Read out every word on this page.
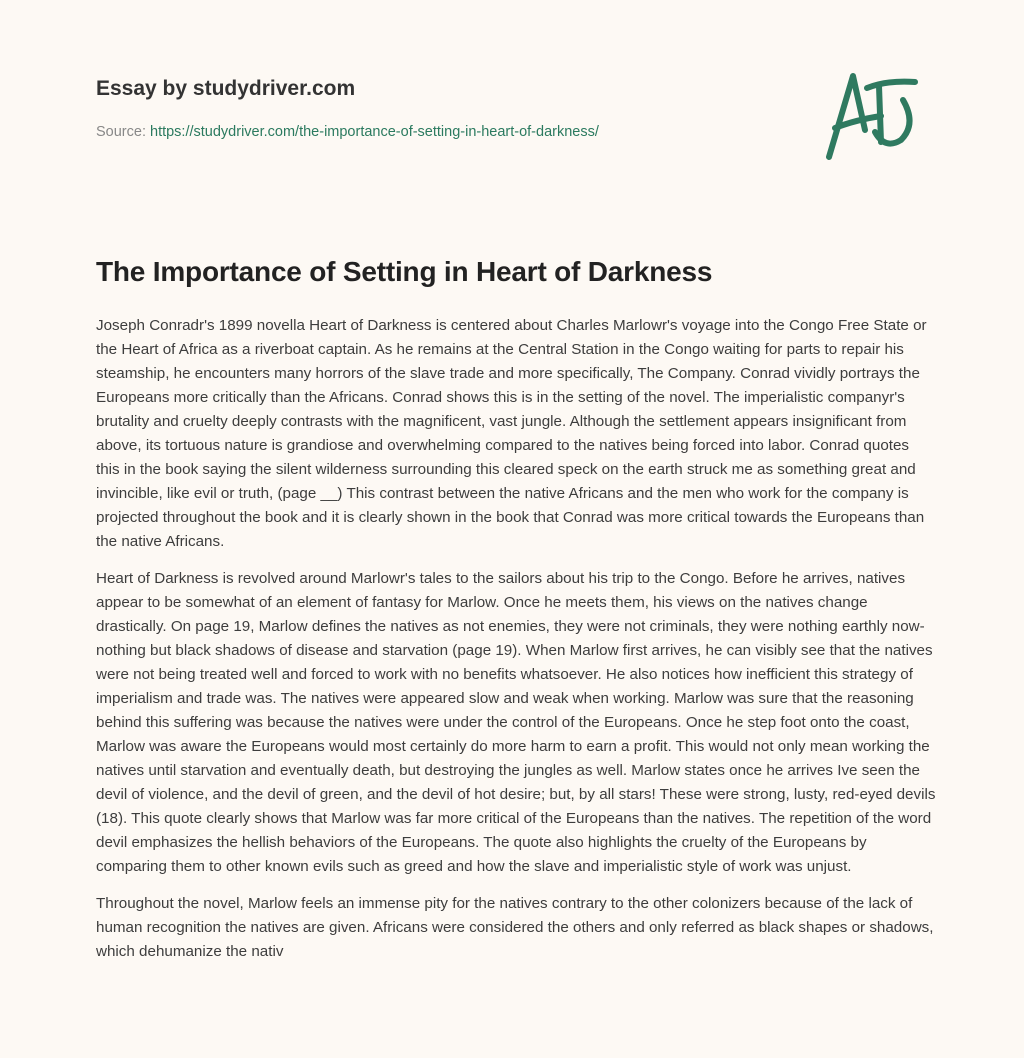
Essay by studydriver.com
Source: https://studydriver.com/the-importance-of-setting-in-heart-of-darkness/
The Importance of Setting in Heart of Darkness

Joseph Conradr's 1899 novella Heart of Darkness is centered about Charles Marlowr's voyage into the Congo Free State or the Heart of Africa as a riverboat captain. As he remains at the Central Station in the Congo waiting for parts to repair his steamship, he encounters many horrors of the slave trade and more specifically, The Company. Conrad vividly portrays the Europeans more critically than the Africans. Conrad shows this is in the setting of the novel. The imperialistic companyr's brutality and cruelty deeply contrasts with the magnificent, vast jungle. Although the settlement appears insignificant from above, its tortuous nature is grandiose and overwhelming compared to the natives being forced into labor. Conrad quotes this in the book saying the silent wilderness surrounding this cleared speck on the earth struck me as something great and invincible, like evil or truth, (page __) This contrast between the native Africans and the men who work for the company is projected throughout the book and it is clearly shown in the book that Conrad was more critical towards the Europeans than the native Africans.

Heart of Darkness is revolved around Marlowr's tales to the sailors about his trip to the Congo. Before he arrives, natives appear to be somewhat of an element of fantasy for Marlow. Once he meets them, his views on the natives change drastically. On page 19, Marlow defines the natives as not enemies, they were not criminals, they were nothing earthly now- nothing but black shadows of disease and starvation (page 19). When Marlow first arrives, he can visibly see that the natives were not being treated well and forced to work with no benefits whatsoever. He also notices how inefficient this strategy of imperialism and trade was. The natives were appeared slow and weak when working. Marlow was sure that the reasoning behind this suffering was because the natives were under the control of the Europeans. Once he step foot onto the coast, Marlow was aware the Europeans would most certainly do more harm to earn a profit. This would not only mean working the natives until starvation and eventually death, but destroying the jungles as well. Marlow states once he arrives Ive seen the devil of violence, and the devil of green, and the devil of hot desire; but, by all stars! These were strong, lusty, red-eyed devils (18). This quote clearly shows that Marlow was far more critical of the Europeans than the natives. The repetition of the word devil emphasizes the hellish behaviors of the Europeans. The quote also highlights the cruelty of the Europeans by comparing them to other known evils such as greed and how the slave and imperialistic style of work was unjust.

Throughout the novel, Marlow feels an immense pity for the natives contrary to the other colonizers because of the lack of human recognition the natives are given. Africans were considered the others and only referred as black shapes or shadows, which dehumanize the nativ
